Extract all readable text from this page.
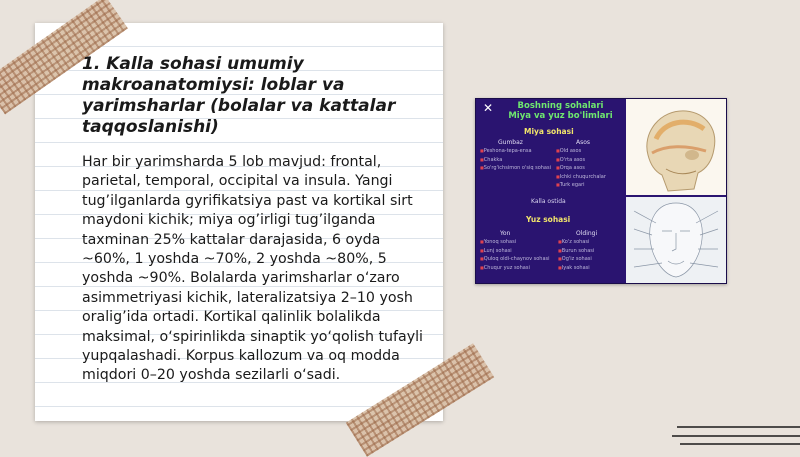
1. Kalla sohasi umumiy makroanatomiysi: loblar va yarimsharlar (bolalar va kattalar taqqoslanishi)

Har bir yarimsharda 5 lob mavjud: frontal, parietal, temporal, occipital va insula. Yangi tug’ilganlarda gyrifikatsiya past va kortikal sirt maydoni kichik; miya og’irligi tug’ilganda taxminan 25% kattalar darajasida, 6 oyda ~60%, 1 yoshda ~70%, 2 yoshda ~80%, 5 yoshda ~90%. Bolalarda yarimsharlar o‘zaro asimmetriyasi kichik, lateralizatsiya 2–10 yosh oralig’ida ortadi. Kortikal qalinlik bolalikda maksimal, o‘spirinlikda sinaptik yo‘qolish tufayli yupqalashadi. Korpus kallozum va oq modda miqdori 0–20 yoshda sezilarli o‘sadi.

✕	Boshning sohalari
Miya va yuz bo'limlari
Miya sohasi
Gumbaz	Asos
■ Peshona-tepa-ensa
■ Chakka
■ So'rg'ichsimon o'siq sohasi
■ Old asos
■ O'rta asos
■ Orqa asos
■ Ichki chuqurchalar
■ Turk egari
Kalla ostida
Yuz sohasi
Yon	Oldingi
■ Yonoq sohasi
■ Lunj sohasi
■ Quloq oldi-chaynov sohasi
■ Chuqur yuz sohasi
■ Ko'z sohasi
■ Burun sohasi
■ Og'iz sohasi
■ Iyak sohasi
